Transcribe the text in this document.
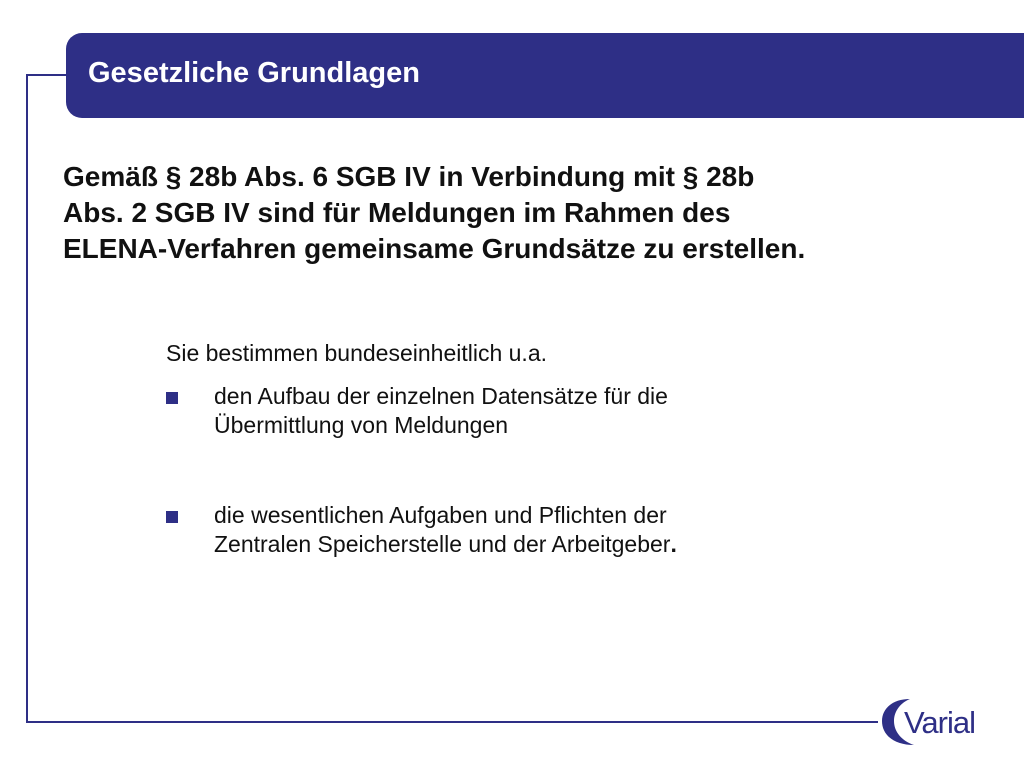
Gesetzliche Grundlagen
Gemäß § 28b Abs. 6 SGB IV in Verbindung mit § 28b
Abs. 2 SGB IV sind für Meldungen im Rahmen des
ELENA-Verfahren gemeinsame Grundsätze zu erstellen.
Sie bestimmen bundeseinheitlich u.a.
den Aufbau der einzelnen Datensätze für die
Übermittlung von Meldungen
die wesentlichen Aufgaben und Pflichten der
Zentralen Speicherstelle und der Arbeitgeber.
Varial
